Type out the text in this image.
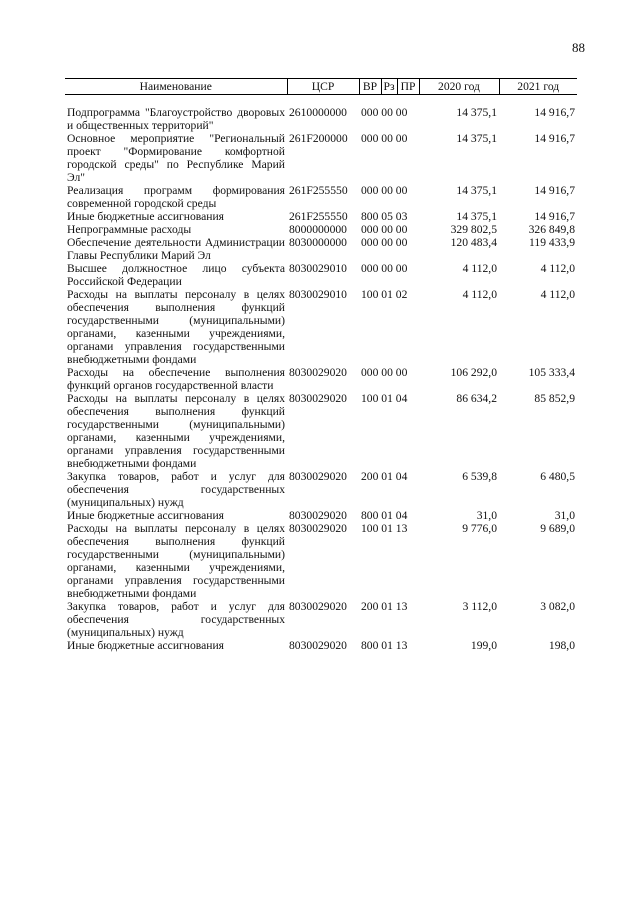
88
Наименование	ЦСР	ВР	Рз	ПР	2020 год	2021 год
Подпрограмма "Благоустройство дворовых и общественных территорий"	2610000000	000 00 00			14 375,1	14 916,7
Основное мероприятие "Региональный проект "Формирование комфортной городской среды" по Республике Марий Эл"	261F200000	000 00 00			14 375,1	14 916,7
Реализация программ формирования современной городской среды	261F255550	000 00 00			14 375,1	14 916,7
Иные бюджетные ассигнования	261F255550	800 05 03			14 375,1	14 916,7
Непрограммные расходы	8000000000	000 00 00			329 802,5	326 849,8
Обеспечение деятельности Администрации Главы Республики Марий Эл	8030000000	000 00 00			120 483,4	119 433,9
Высшее должностное лицо субъекта Российской Федерации	8030029010	000 00 00			4 112,0	4 112,0
Расходы на выплаты персоналу в целях обеспечения выполнения функций государственными (муниципальными) органами, казенными учреждениями, органами управления государственными внебюджетными фондами	8030029010	100 01 02			4 112,0	4 112,0
Расходы на обеспечение выполнения функций органов государственной власти	8030029020	000 00 00			106 292,0	105 333,4
Расходы на выплаты персоналу в целях обеспечения выполнения функций государственными (муниципальными) органами, казенными учреждениями, органами управления государственными внебюджетными фондами	8030029020	100 01 04			86 634,2	85 852,9
Закупка товаров, работ и услуг для обеспечения государственных (муниципальных) нужд	8030029020	200 01 04			6 539,8	6 480,5
Иные бюджетные ассигнования	8030029020	800 01 04			31,0	31,0
Расходы на выплаты персоналу в целях обеспечения выполнения функций государственными (муниципальными) органами, казенными учреждениями, органами управления государственными внебюджетными фондами	8030029020	100 01 13			9 776,0	9 689,0
Закупка товаров, работ и услуг для обеспечения государственных (муниципальных) нужд	8030029020	200 01 13			3 112,0	3 082,0
Иные бюджетные ассигнования	8030029020	800 01 13			199,0	198,0
